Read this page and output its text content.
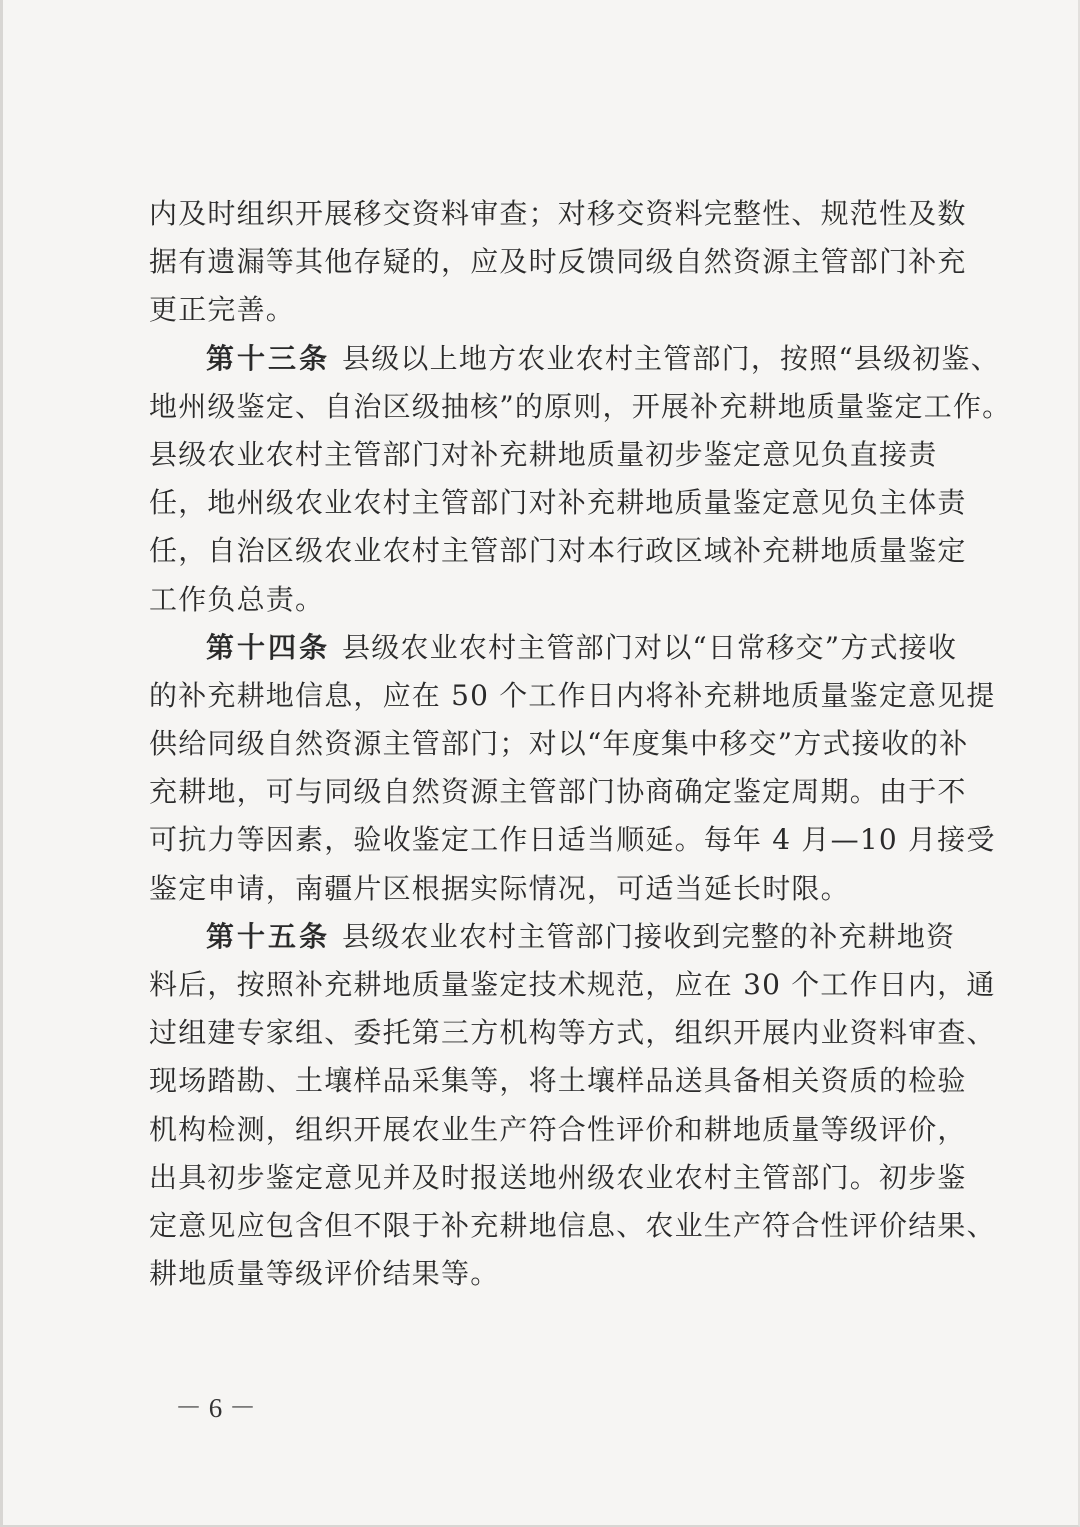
内及时组织开展移交资料审查；对移交资料完整性、规范性及数
据有遗漏等其他存疑的，应及时反馈同级自然资源主管部门补充
更正完善。
第十三条 县级以上地方农业农村主管部门，按照“县级初鉴、
地州级鉴定、自治区级抽核”的原则，开展补充耕地质量鉴定工作。
县级农业农村主管部门对补充耕地质量初步鉴定意见负直接责
任，地州级农业农村主管部门对补充耕地质量鉴定意见负主体责
任，自治区级农业农村主管部门对本行政区域补充耕地质量鉴定
工作负总责。
第十四条 县级农业农村主管部门对以“日常移交”方式接收
的补充耕地信息，应在 50 个工作日内将补充耕地质量鉴定意见提
供给同级自然资源主管部门；对以“年度集中移交”方式接收的补
充耕地，可与同级自然资源主管部门协商确定鉴定周期。由于不
可抗力等因素，验收鉴定工作日适当顺延。每年 4 月—10 月接受
鉴定申请，南疆片区根据实际情况，可适当延长时限。
第十五条 县级农业农村主管部门接收到完整的补充耕地资
料后，按照补充耕地质量鉴定技术规范，应在 30 个工作日内，通
过组建专家组、委托第三方机构等方式，组织开展内业资料审查、
现场踏勘、土壤样品采集等，将土壤样品送具备相关资质的检验
机构检测，组织开展农业生产符合性评价和耕地质量等级评价，
出具初步鉴定意见并及时报送地州级农业农村主管部门。初步鉴
定意见应包含但不限于补充耕地信息、农业生产符合性评价结果、
耕地质量等级评价结果等。
－ 6 －
